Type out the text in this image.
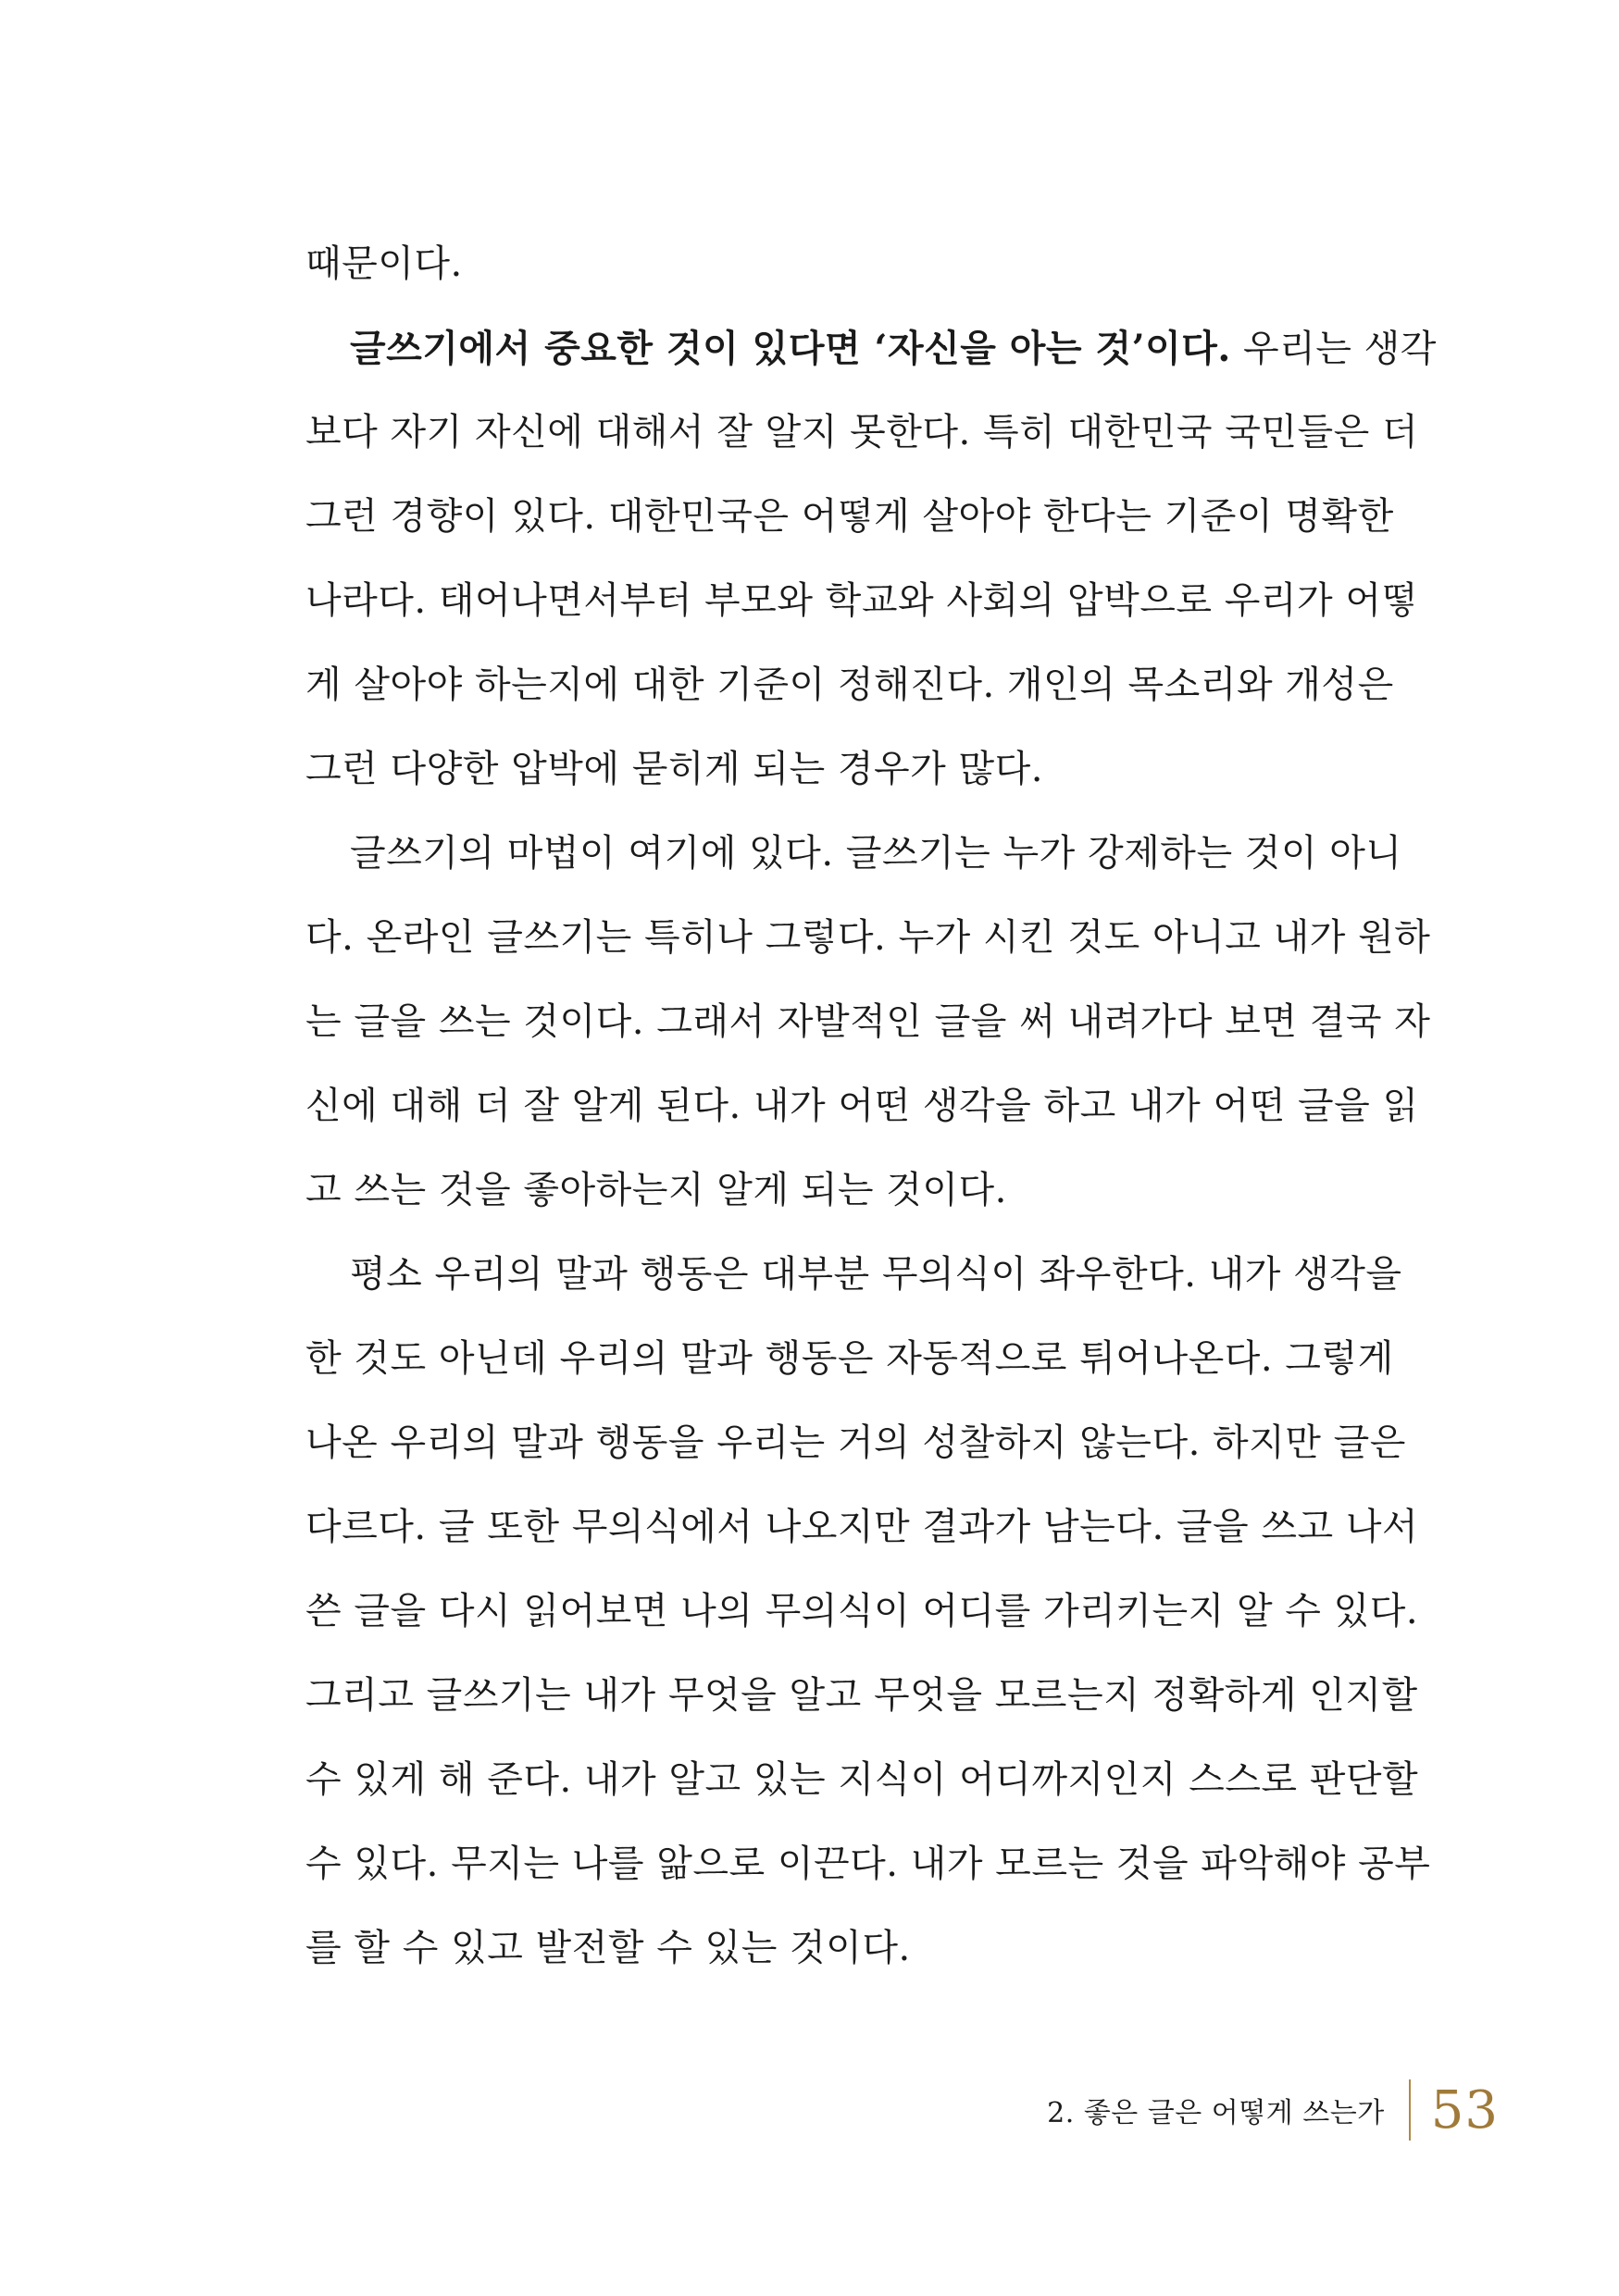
때문이다.
글쓰기에서 중요한 것이 있다면 ‘자신을 아는 것’이다. 우리는 생각
보다 자기 자신에 대해서 잘 알지 못한다. 특히 대한민국 국민들은 더
그런 경향이 있다. 대한민국은 어떻게 살아야 한다는 기준이 명확한
나라다. 태어나면서부터 부모와 학교와 사회의 압박으로 우리가 어떻
게 살아야 하는지에 대한 기준이 정해진다. 개인의 목소리와 개성은
그런 다양한 압박에 묻히게 되는 경우가 많다.
글쓰기의 마법이 여기에 있다. 글쓰기는 누가 강제하는 것이 아니
다. 온라인 글쓰기는 특히나 그렇다. 누가 시킨 것도 아니고 내가 원하
는 글을 쓰는 것이다. 그래서 자발적인 글을 써 내려가다 보면 결국 자
신에 대해 더 잘 알게 된다. 내가 어떤 생각을 하고 내가 어떤 글을 읽
고 쓰는 것을 좋아하는지 알게 되는 것이다.
평소 우리의 말과 행동은 대부분 무의식이 좌우한다. 내가 생각을
한 것도 아닌데 우리의 말과 행동은 자동적으로 튀어나온다. 그렇게
나온 우리의 말과 행동을 우리는 거의 성찰하지 않는다. 하지만 글은
다르다. 글 또한 무의식에서 나오지만 결과가 남는다. 글을 쓰고 나서
쓴 글을 다시 읽어보면 나의 무의식이 어디를 가리키는지 알 수 있다.
그리고 글쓰기는 내가 무엇을 알고 무엇을 모르는지 정확하게 인지할
수 있게 해 준다. 내가 알고 있는 지식이 어디까지인지 스스로 판단할
수 있다. 무지는 나를 앎으로 이끈다. 내가 모르는 것을 파악해야 공부
를 할 수 있고 발전할 수 있는 것이다.
2. 좋은 글은 어떻게 쓰는가 53
